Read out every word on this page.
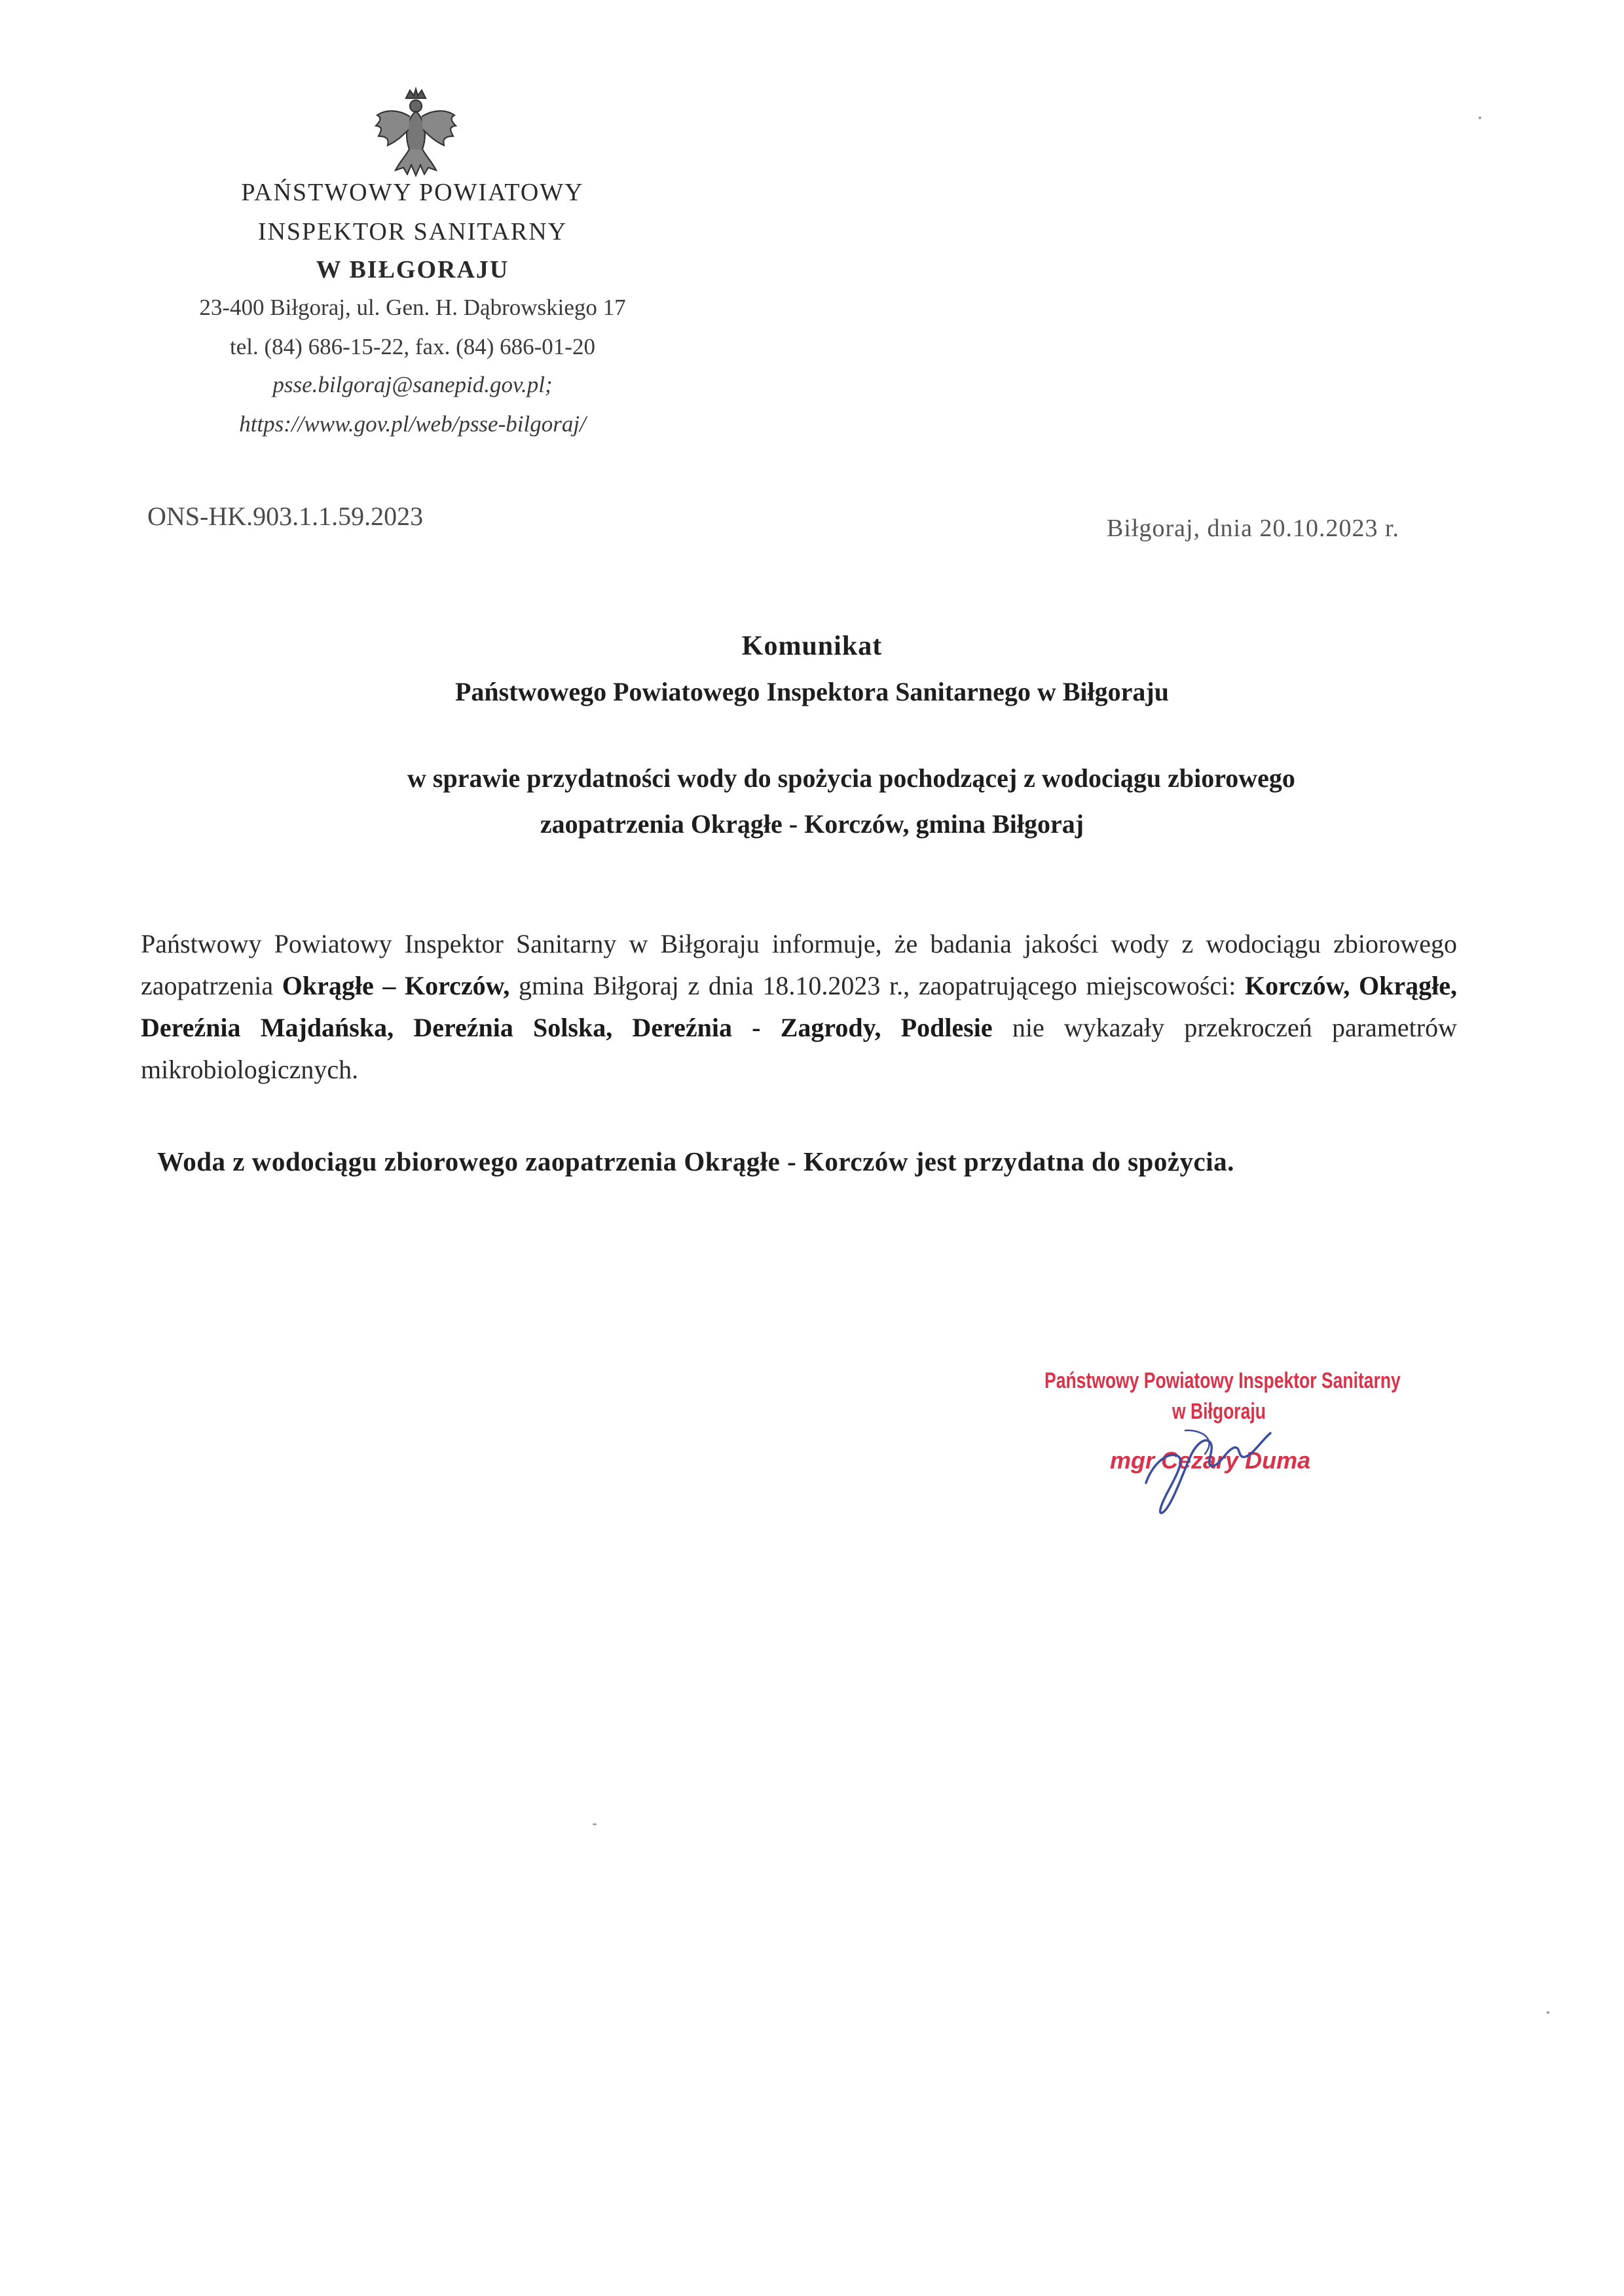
PAŃSTWOWY POWIATOWY
INSPEKTOR SANITARNY
W BIŁGORAJU
23-400 Biłgoraj, ul. Gen. H. Dąbrowskiego 17
tel. (84) 686-15-22, fax. (84) 686-01-20
psse.bilgoraj@sanepid.gov.pl;
https://www.gov.pl/web/psse-bilgoraj/
ONS-HK.903.1.1.59.2023	Biłgoraj, dnia 20.10.2023 r.
Komunikat
Państwowego Powiatowego Inspektora Sanitarnego w Biłgoraju
w sprawie przydatności wody do spożycia pochodzącej z wodociągu zbiorowego
zaopatrzenia Okrągłe - Korczów, gmina Biłgoraj
Państwowy Powiatowy Inspektor Sanitarny w Biłgoraju informuje, że badania jakości wody z wodociągu zbiorowego zaopatrzenia Okrągłe – Korczów, gmina Biłgoraj z dnia 18.10.2023 r., zaopatrującego miejscowości: Korczów, Okrągłe, Dereźnia Majdańska, Dereźnia Solska, Dereźnia - Zagrody, Podlesie nie wykazały przekroczeń parametrów mikrobiologicznych.
Woda z wodociągu zbiorowego zaopatrzenia Okrągłe - Korczów jest przydatna do spożycia.
Państwowy Powiatowy Inspektor Sanitarny
w Biłgoraju
mgr Cezary Duma
